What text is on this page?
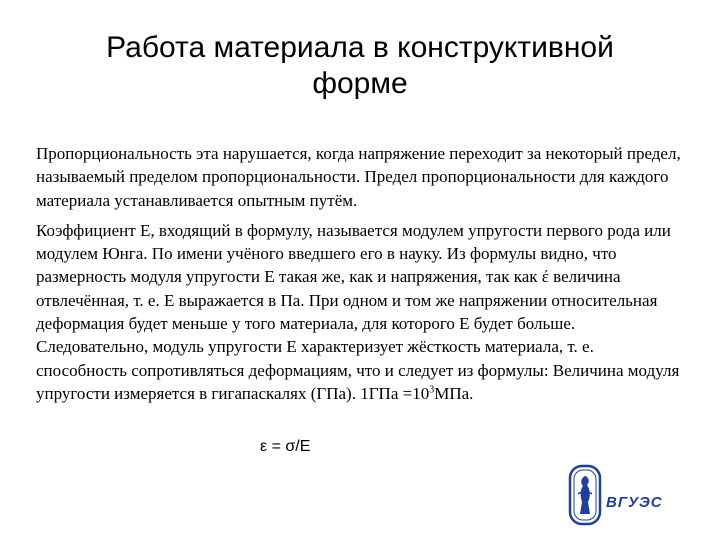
Работа материала в конструктивной форме

Пропорциональность эта нарушается, когда напряжение переходит за некоторый предел, называемый пределом пропорциональности. Предел пропорциональности для каждого материала устанавливается опытным путём.

Коэффициент Е, входящий в формулу, называется модулем упругости первого рода или модулем Юнга. По имени учёного введшего его в науку. Из формулы видно, что размерность модуля упругости Е такая же, как и напряжения, так как έ величина отвлечённая, т. е. Е выражается в Па. При одном и том же напряжении относительная деформация будет меньше у того материала, для которого Е будет больше. Следовательно, модуль упругости Е характеризует жёсткость материала, т. е. способность сопротивляться деформациям, что и следует из формулы: Величина модуля упругости измеряется в гигапаскалях (ГПа). $1ГПа =10^3МПа$.

ε = σ/E
ВГУЭС
